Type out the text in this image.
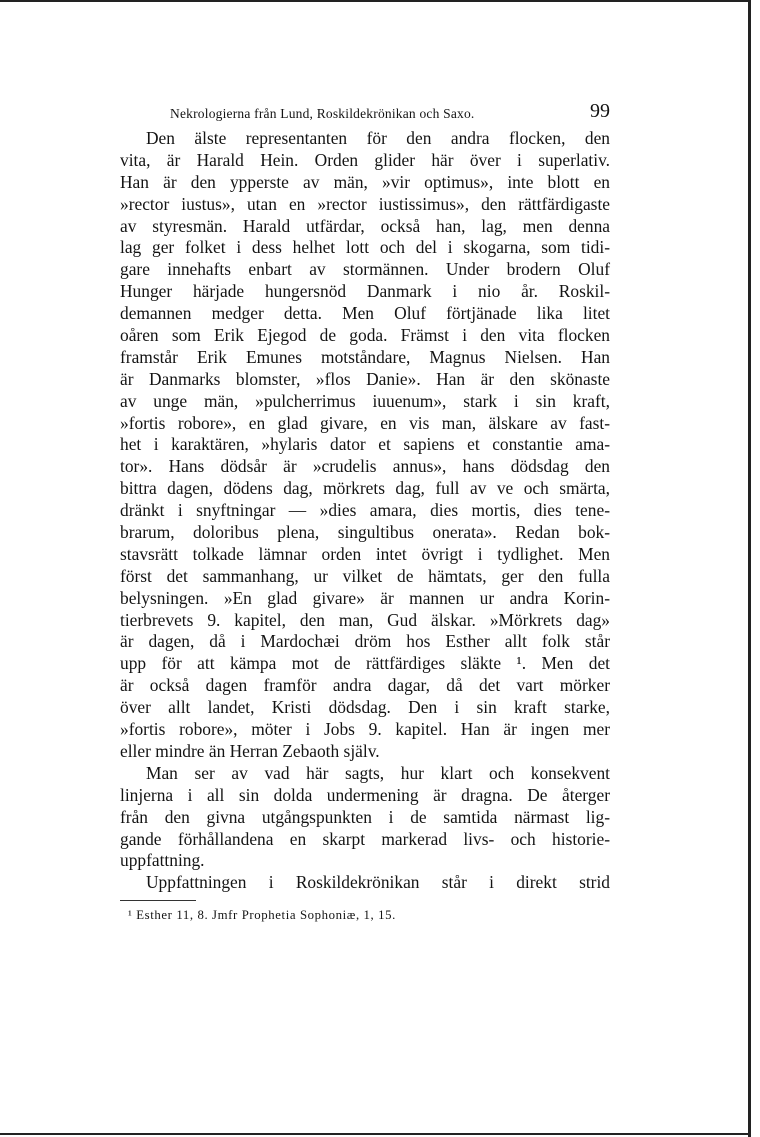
Nekrologierna från Lund, Roskildekrönikan och Saxo.	99
Den älste representanten för den andra flocken, den
vita, är Harald Hein. Orden glider här över i superlativ.
Han är den ypperste av män, »vir optimus», inte blott en
»rector iustus», utan en »rector iustissimus», den rättfärdigaste
av styresmän. Harald utfärdar, också han, lag, men denna
lag ger folket i dess helhet lott och del i skogarna, som tidi-
gare innehafts enbart av stormännen. Under brodern Oluf
Hunger härjade hungersnöd Danmark i nio år. Roskil-
demannen medger detta. Men Oluf förtjänade lika litet
oåren som Erik Ejegod de goda. Främst i den vita flocken
framstår Erik Emunes motståndare, Magnus Nielsen. Han
är Danmarks blomster, »flos Danie». Han är den skönaste
av unge män, »pulcherrimus iuuenum», stark i sin kraft,
»fortis robore», en glad givare, en vis man, älskare av fast-
het i karaktären, »hylaris dator et sapiens et constantie ama-
tor». Hans dödsår är »crudelis annus», hans dödsdag den
bittra dagen, dödens dag, mörkrets dag, full av ve och smärta,
dränkt i snyftningar — »dies amara, dies mortis, dies tene-
brarum, doloribus plena, singultibus onerata». Redan bok-
stavsrätt tolkade lämnar orden intet övrigt i tydlighet. Men
först det sammanhang, ur vilket de hämtats, ger den fulla
belysningen. »En glad givare» är mannen ur andra Korin-
tierbrevets 9. kapitel, den man, Gud älskar. »Mörkrets dag»
är dagen, då i Mardochæi dröm hos Esther allt folk står
upp för att kämpa mot de rättfärdiges släkte ¹. Men det
är också dagen framför andra dagar, då det vart mörker
över allt landet, Kristi dödsdag. Den i sin kraft starke,
»fortis robore», möter i Jobs 9. kapitel. Han är ingen mer
eller mindre än Herran Zebaoth själv.
Man ser av vad här sagts, hur klart och konsekvent
linjerna i all sin dolda undermening är dragna. De återger
från den givna utgångspunkten i de samtida närmast lig-
gande förhållandena en skarpt markerad livs- och historie-
uppfattning.
Uppfattningen i Roskildekrönikan står i direkt strid
¹ Esther 11, 8. Jmfr Prophetia Sophoniæ, 1, 15.
